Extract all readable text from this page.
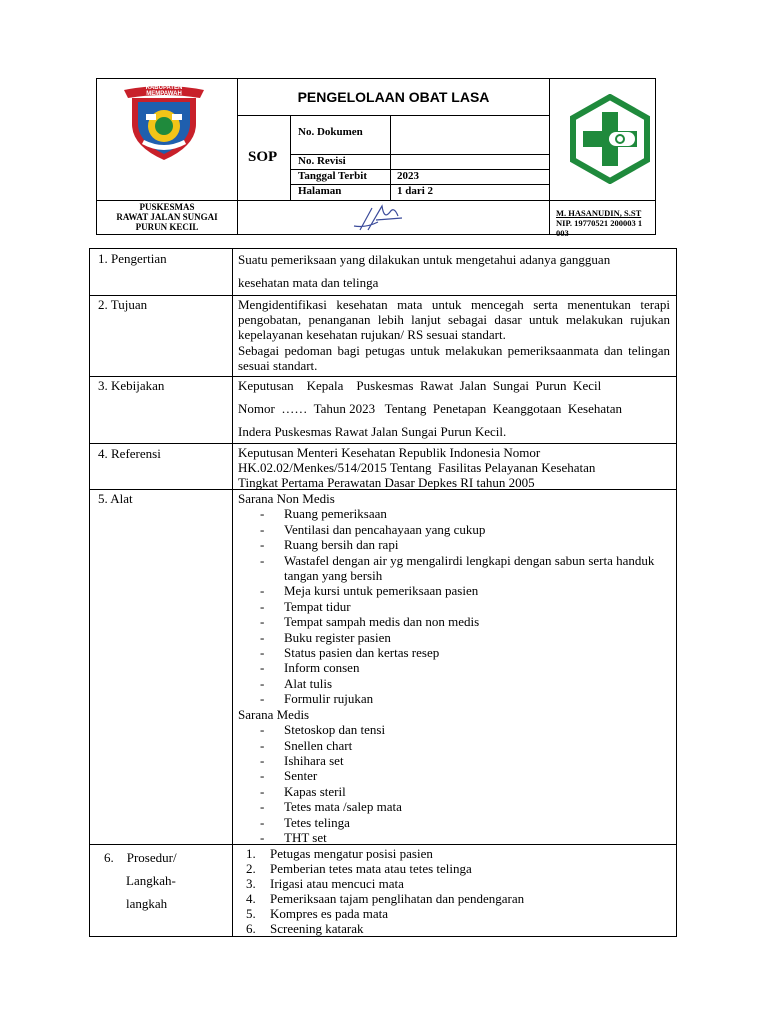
KABUPATEN MEMPAWAH	PENGELOLAAN OBAT LASA
SOP
No. Dokumen
No. Revisi
Tanggal Terbit	2023
Halaman	1 dari 2
PUSKESMAS
RAWAT JALAN SUNGAI
PURUN KECIL
M. HASANUDIN, S.ST
NIP. 19770521 200003 1 003
1. Pengertian	Suatu pemeriksaan yang dilakukan untuk mengetahui adanya gangguan
kesehatan mata dan telinga
2. Tujuan	Mengidentifikasi kesehatan mata untuk mencegah serta menentukan terapi pengobatan, penanganan lebih lanjut sebagai dasar untuk melakukan rujukan kepelayanan kesehatan rujukan/ RS sesuai standart.
Sebagai pedoman bagi petugas untuk melakukan pemeriksaanmata dan telingan sesuai standart.
3. Kebijakan	Keputusan    Kepala    Puskesmas  Rawat  Jalan  Sungai  Purun  Kecil
Nomor  ……  Tahun 2023   Tentang  Penetapan  Keanggotaan  Kesehatan
Indera Puskesmas Rawat Jalan Sungai Purun Kecil.
4. Referensi	Keputusan Menteri Kesehatan Republik Indonesia Nomor
HK.02.02/Menkes/514/2015 Tentang  Fasilitas Pelayanan Kesehatan
Tingkat Pertama Perawatan Dasar Depkes RI tahun 2005
5. Alat	Sarana Non Medis
- Ruang pemeriksaan
- Ventilasi dan pencahayaan yang cukup
- Ruang bersih dan rapi
- Wastafel dengan air yg mengalirdi lengkapi dengan sabun serta handuk tangan yang bersih
- Meja kursi untuk pemeriksaan pasien
- Tempat tidur
- Tempat sampah medis dan non medis
- Buku register pasien
- Status pasien dan kertas resep
- Inform consen
- Alat tulis
- Formulir rujukan
Sarana Medis
- Stetoskop dan tensi
- Snellen chart
- Ishihara set
- Senter
- Kapas steril
- Tetes mata /salep mata
- Tetes telinga
- THT set
6.    Prosedur/
Langkah-
langkah
1. Petugas mengatur posisi pasien
2. Pemberian tetes mata atau tetes telinga
3. Irigasi atau mencuci mata
4. Pemeriksaan tajam penglihatan dan pendengaran
5. Kompres es pada mata
6. Screening katarak
